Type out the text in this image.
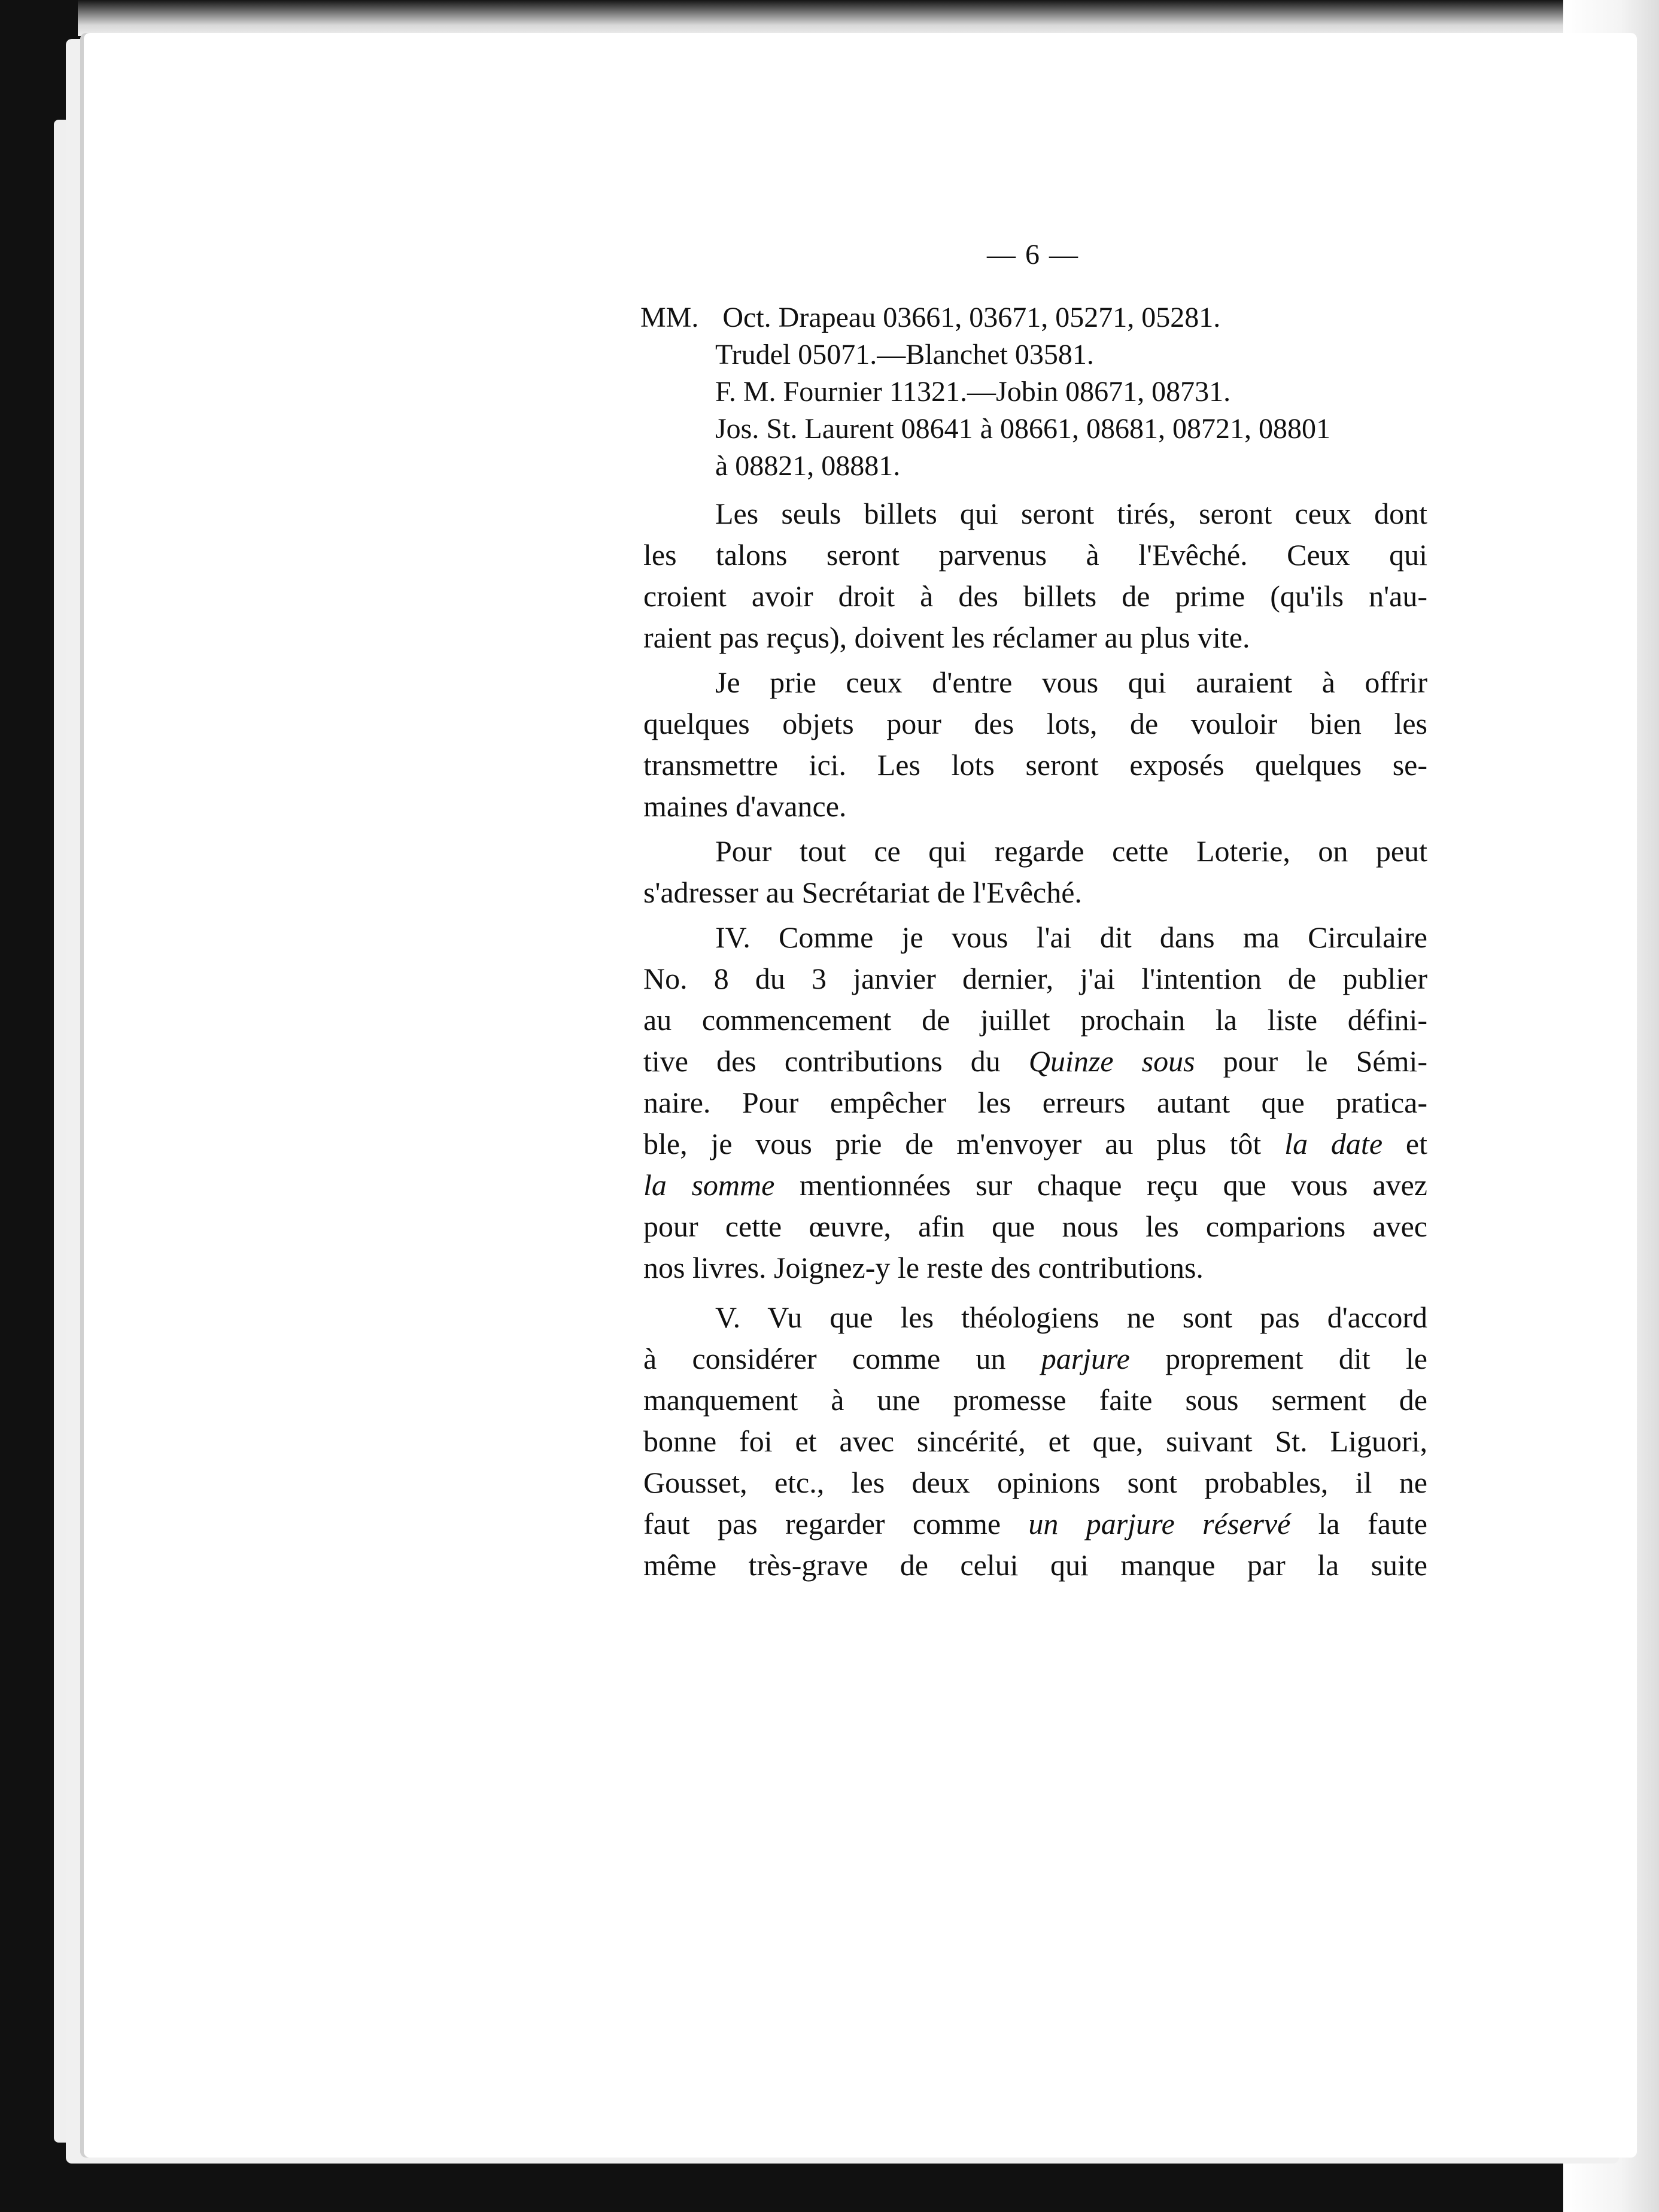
— 6 —
MM. Oct. Drapeau 03661, 03671, 05271, 05281.
Trudel 05071.—Blanchet 03581.
F. M. Fournier 11321.—Jobin 08671, 08731.
Jos. St. Laurent 08641 à 08661, 08681, 08721, 08801
à 08821, 08881.
Les seuls billets qui seront tirés, seront ceux dont
les talons seront parvenus à l'Evêché. Ceux qui
croient avoir droit à des billets de prime (qu'ils n'au-
raient pas reçus), doivent les réclamer au plus vite.
Je prie ceux d'entre vous qui auraient à offrir
quelques objets pour des lots, de vouloir bien les
transmettre ici. Les lots seront exposés quelques se-
maines d'avance.
Pour tout ce qui regarde cette Loterie, on peut
s'adresser au Secrétariat de l'Evêché.
IV. Comme je vous l'ai dit dans ma Circulaire
No. 8 du 3 janvier dernier, j'ai l'intention de publier
au commencement de juillet prochain la liste défini-
tive des contributions du Quinze sous pour le Sémi-
naire. Pour empêcher les erreurs autant que pratica-
ble, je vous prie de m'envoyer au plus tôt la date et
la somme mentionnées sur chaque reçu que vous avez
pour cette œuvre, afin que nous les comparions avec
nos livres. Joignez-y le reste des contributions.
V. Vu que les théologiens ne sont pas d'accord
à considérer comme un parjure proprement dit le
manquement à une promesse faite sous serment de
bonne foi et avec sincérité, et que, suivant St. Liguori,
Gousset, etc., les deux opinions sont probables, il ne
faut pas regarder comme un parjure réservé la faute
même très-grave de celui qui manque par la suite
